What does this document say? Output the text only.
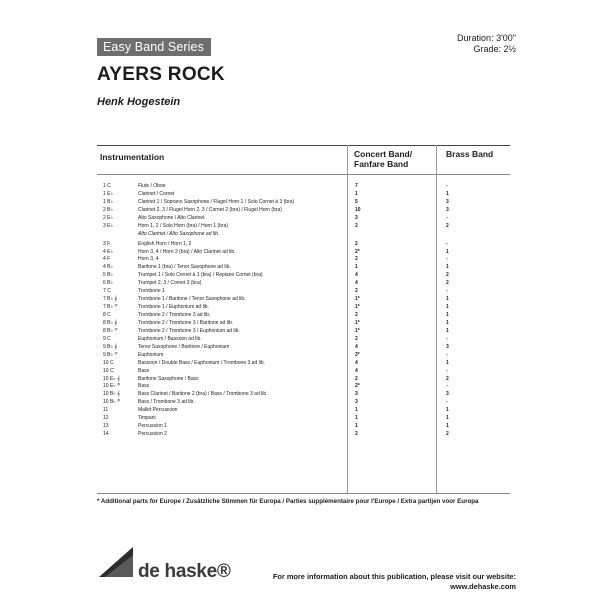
Easy Band Series
Duration: 3'00"
Grade: 2½
AYERS ROCK
Henk Hogestein
Instrumentation	Concert Band/
Fanfare Band
Brass Band
1 C	Flute / Oboe	7	-
1 E♭	Clarinet / Cornet	1	1
1 B♭	Clarinet 1 / Soprano Saxophone / Flugel Horn 1 / Solo Cornet à 3 (bra)	5	3
2 B♭	Clarinet 2, 3 / Flugel Horn 2, 3 / Cornet 2 (bra) / Flugel Horn (bra)	10	3
2 E♭	Alto Saxophone / Alto Clarinet	3	-
3 E♭	Horn 1, 2 / Solo Horn (bra) / Horn 1 (bra)	2	2
Alto Clarinet / Alto Saxophone ad lib.
3 F	English Horn / Horn 1, 2	2	-
4 E♭	Horn 3, 4 / Horn 2 (bra) / Alto Clarinet ad lib.	2*	1
4 F	Horn 3, 4	2	-
4 B♭	Baritone 1 (bra) / Tenor Saxophone ad lib.	1	1
5 B♭	Trumpet 1 / Solo Cornet à 1 (bra) / Repiano Cornet (bra)	4	2
6 B♭	Trumpet 2, 3 / Cornet 3 (bra)	4	2
7 C	Trombone 1	2	-
7 B♭ 𝄞	Trombone 1 / Baritone / Tenor Saxophone ad lib.	1*	1
7 B♭ 𝄢	Trombone 1 / Euphonium ad lib.	1*	1
8 C	Trombone 2 / Trombone 3 ad lib.	2	1
8 B♭ 𝄞	Trombone 2 / Trombone 3 / Baritone ad lib.	1*	1
8 B♭ 𝄢	Trombone 2 / Trombone 3 / Euphonium ad lib.	1*	1
9 C	Euphonium / Bassoon ad lib.	2	-
9 B♭ 𝄞	Tenor Saxophone / Baritone / Euphonium	4	3
9 B♭ 𝄢	Euphonium	3*	-
10 C	Bassoon / Double Bass / Euphonium / Trombone 3 ad lib.	4	1
10 C'	Bass	4	-
10 E♭ 𝄞	Baritone Saxophone / Bass	2	2
10 E♭ 𝄢	Bass	2*	-
10 B♭ 𝄞	Bass Clarinet / Baritone 2 (bra) / Bass / Trombone 3 ad lib.	3	3
10 B♭ 𝄢	Bass / Trombone 3 ad lib.	3	-
11	Mallet Percussion	1	1
12	Timpani	1	1
13	Percussion 1	1	1
14	Percussion 2	2	2
* Additional parts for Europe / Zusätzliche Stimmen für Europa / Parties supplémentaire pour l'Europe / Extra partijen voor Europa
de haske®	For more information about this publication, please visit our website:
www.dehaske.com
